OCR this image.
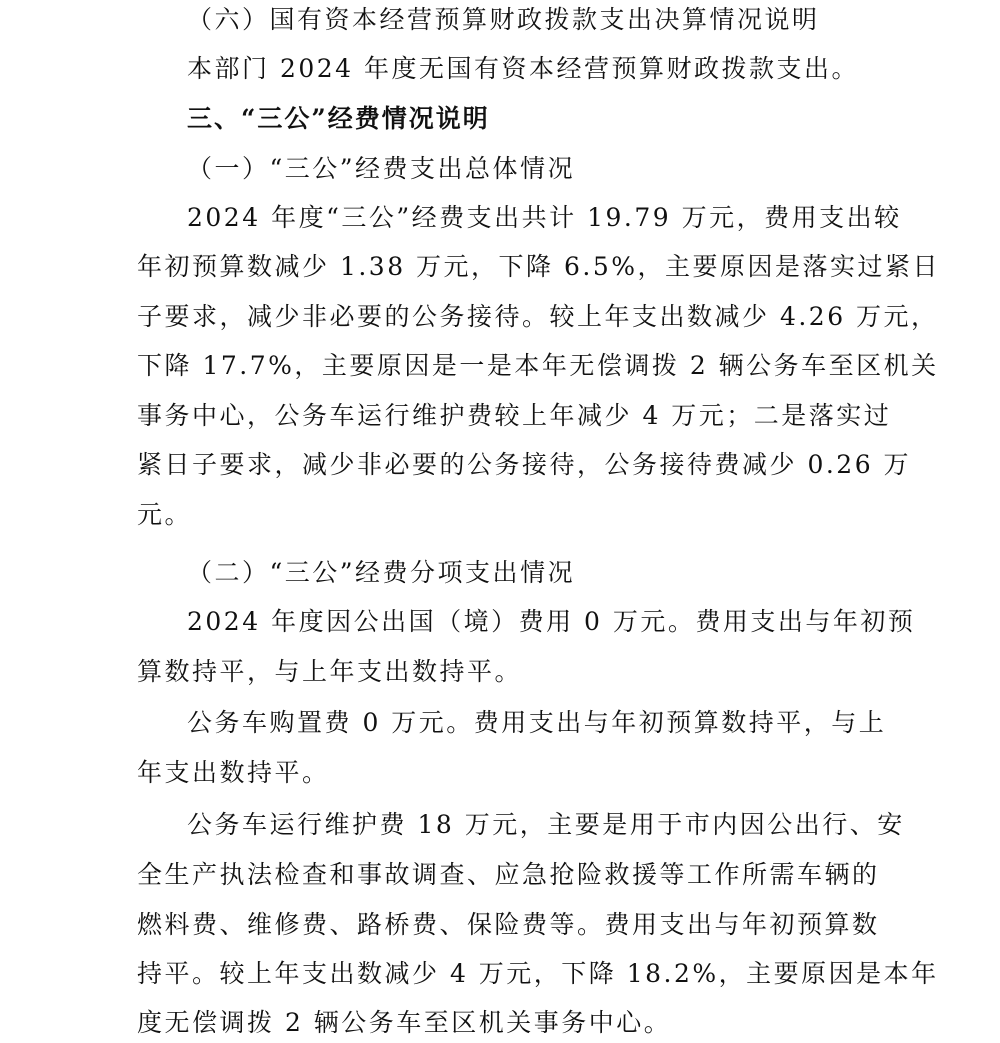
（六）国有资本经营预算财政拨款支出决算情况说明
本部门 2024 年度无国有资本经营预算财政拨款支出。
三、“三公”经费情况说明
（一）“三公”经费支出总体情况
2024 年度“三公”经费支出共计 19.79 万元，费用支出较
年初预算数减少 1.38 万元，下降 6.5%，主要原因是落实过紧日
子要求，减少非必要的公务接待。较上年支出数减少 4.26 万元，
下降 17.7%，主要原因是一是本年无偿调拨 2 辆公务车至区机关
事务中心，公务车运行维护费较上年减少 4 万元；二是落实过
紧日子要求，减少非必要的公务接待，公务接待费减少 0.26 万
元。
（二）“三公”经费分项支出情况
2024 年度因公出国（境）费用 0 万元。费用支出与年初预
算数持平，与上年支出数持平。
公务车购置费 0 万元。费用支出与年初预算数持平，与上
年支出数持平。
公务车运行维护费 18 万元，主要是用于市内因公出行、安
全生产执法检查和事故调查、应急抢险救援等工作所需车辆的
燃料费、维修费、路桥费、保险费等。费用支出与年初预算数
持平。较上年支出数减少 4 万元，下降 18.2%，主要原因是本年
度无偿调拨 2 辆公务车至区机关事务中心。
